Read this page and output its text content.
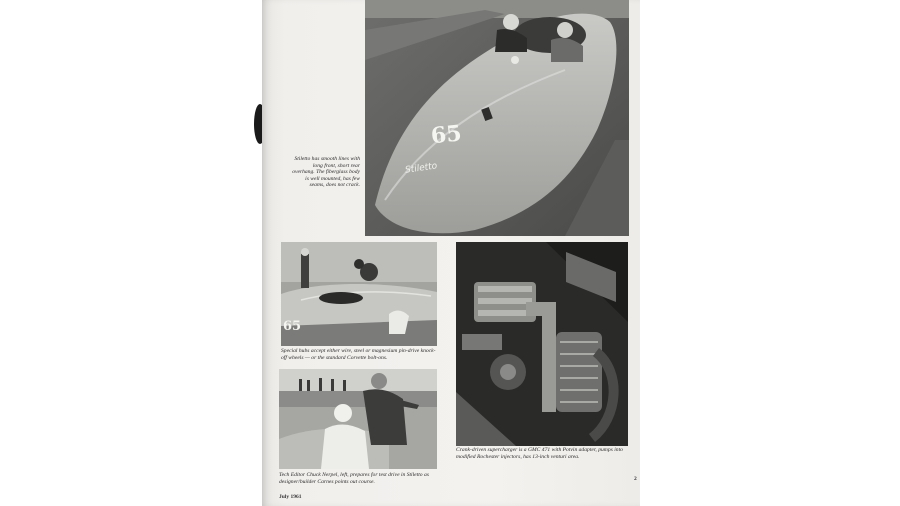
65
Stiletto

Stiletto has smooth lines with long front, short rear overhang. The fiberglass body is well mounted, has few seams, does not crack.

65

Special hubs accept either wire, steel or magnesium pin-drive knock-off wheels — or the standard Corvette bolt-ons.

Tech Editor Chuck Nerpel, left, prepares for test drive in Stiletto as designer/builder Carnes points out course.

Crank-driven supercharger is a GMC 471 with Potvin adapter, pumps into modified Rochester injectors, has 13-inch venturi area.

July 1961
2
